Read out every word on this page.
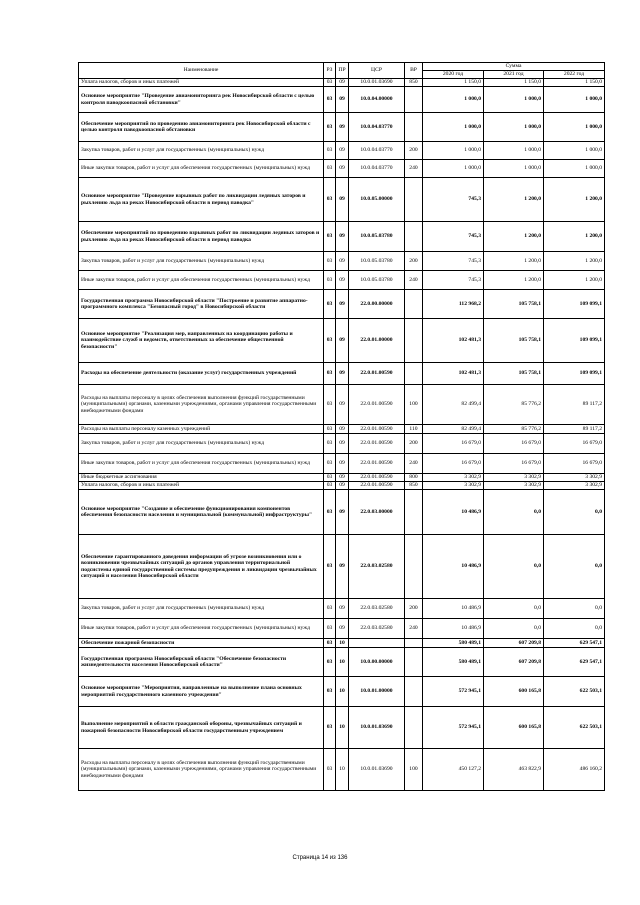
Наименование	РЗ	ПР	ЦСР	ВР	Сумма		
					2020 год	2021 год	2022 год
Уплата налогов, сборов и иных платежей	03	09	10.0.01.03690	850	1 150,0	1 150,0	1 150,0
Основное мероприятие "Проведение авиамониторинга рек Новосибирской области с целью контроля паводкоопасной обстановки"	03	09	10.0.04.00000		1 000,0	1 000,0	1 000,0
Обеспечение мероприятий по проведению авиамониторинга рек Новосибирской области с целью контроля паводкоопасной обстановки	03	09	10.0.04.03770		1 000,0	1 000,0	1 000,0
Закупка товаров, работ и услуг для государственных (муниципальных) нужд	03	09	10.0.04.03770	200	1 000,0	1 000,0	1 000,0
Иные закупки товаров, работ и услуг для обеспечения государственных (муниципальных) нужд	03	09	10.0.04.03770	240	1 000,0	1 000,0	1 000,0
Основное мероприятие "Проведение взрывных работ по ликвидации ледяных заторов и рыхлению льда на реках Новосибирской области в период паводка"	03	09	10.0.05.00000		745,3	1 200,0	1 200,0
Обеспечение мероприятий по проведению взрывных работ по ликвидации ледяных заторов и рыхлению льда на реках Новосибирской области в период паводка	03	09	10.0.05.03780		745,3	1 200,0	1 200,0
Закупка товаров, работ и услуг для государственных (муниципальных) нужд	03	09	10.0.05.03780	200	745,3	1 200,0	1 200,0
Иные закупки товаров, работ и услуг для обеспечения государственных (муниципальных) нужд	03	09	10.0.05.03780	240	745,3	1 200,0	1 200,0
Государственная программа Новосибирской области "Построение и развитие аппаратно-программного комплекса "Безопасный город" в Новосибирской области	03	09	22.0.00.00000		112 968,2	105 758,1	109 099,1
Основное мероприятие "Реализация мер, направленных на координацию работы и взаимодействие служб и ведомств, ответственных за обеспечение общественной безопасности"	03	09	22.0.01.00000		102 481,3	105 758,1	109 099,1
Расходы на обеспечение деятельности (оказание услуг) государственных учреждений	03	09	22.0.01.00590		102 481,3	105 758,1	109 099,1
Расходы на выплаты персоналу в целях обеспечения выполнения функций государственными (муниципальными) органами, казенными учреждениями, органами управления государственными внебюджетными фондами	03	09	22.0.01.00590	100	82 499,4	85 776,2	89 117,2
Расходы на выплаты персоналу казенных учреждений	03	09	22.0.01.00590	110	82 499,4	85 776,2	89 117,2
Закупка товаров, работ и услуг для государственных (муниципальных) нужд	03	09	22.0.01.00590	200	16 679,0	16 679,0	16 679,0
Иные закупки товаров, работ и услуг для обеспечения государственных (муниципальных) нужд	03	09	22.0.01.00590	240	16 679,0	16 679,0	16 679,0
Иные бюджетные ассигнования	03	09	22.0.01.00590	800	3 302,9	3 302,9	3 302,9
Уплата налогов, сборов и иных платежей	03	09	22.0.01.00590	850	3 302,9	3 302,9	3 302,9
Основное мероприятие "Создание и обеспечение функционирования компонентов обеспечения безопасности населения и муниципальной (коммунальной) инфраструктуры"	03	09	22.0.03.00000		10 486,9	0,0	0,0
Обеспечение гарантированного доведения информации об угрозе возникновения или о возникновении чрезвычайных ситуаций до органов управления территориальной подсистемы единой государственной системы предупреждения и ликвидации чрезвычайных ситуаций и населения Новосибирской области	03	09	22.0.03.02580		10 486,9	0,0	0,0
Закупка товаров, работ и услуг для государственных (муниципальных) нужд	03	09	22.0.03.02580	200	10 486,9	0,0	0,0
Иные закупки товаров, работ и услуг для обеспечения государственных (муниципальных) нужд	03	09	22.0.03.02580	240	10 486,9	0,0	0,0
Обеспечение пожарной безопасности	03	10			580 489,1	607 209,8	629 547,1
Государственная программа Новосибирской области "Обеспечение безопасности жизнедеятельности населения Новосибирской области"	03	10	10.0.00.00000		580 489,1	607 209,8	629 547,1
Основное мероприятие "Мероприятия, направленные на выполнение плана основных мероприятий государственного казенного учреждения"	03	10	10.0.01.00000		572 945,1	600 165,8	622 503,1
Выполнение мероприятий в области гражданской обороны, чрезвычайных ситуаций и пожарной безопасности Новосибирской области государственным учреждением	03	10	10.0.01.03690		572 945,1	600 165,8	622 503,1
Расходы на выплаты персоналу в целях обеспечения выполнения функций государственными (муниципальными) органами, казенными учреждениями, органами управления государственными внебюджетными фондами	03	10	10.0.01.03690	100	450 127,2	463 822,9	486 160,2
Страница 14 из 136
